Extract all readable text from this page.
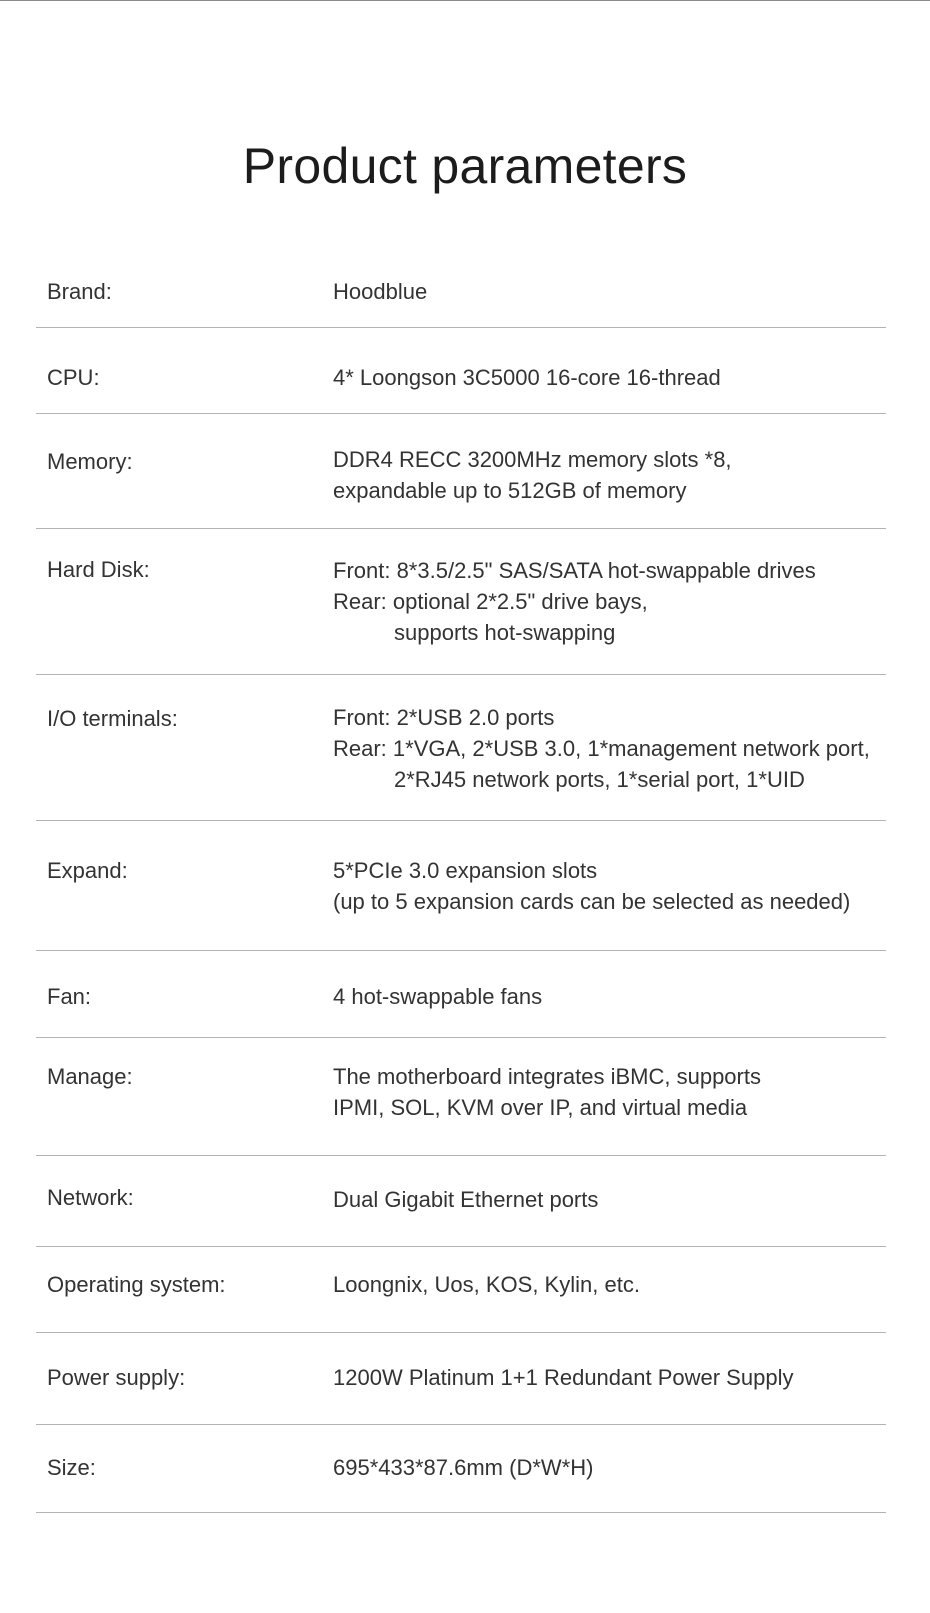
Product parameters
Brand:	Hoodblue
CPU:	4* Loongson 3C5000 16-core 16-thread
Memory:	DDR4 RECC 3200MHz memory slots *8,
expandable up to 512GB of memory
Hard Disk:	Front: 8*3.5/2.5" SAS/SATA hot-swappable drives
Rear: optional 2*2.5" drive bays,
supports hot-swapping
I/O terminals:	Front: 2*USB 2.0 ports
Rear: 1*VGA, 2*USB 3.0, 1*management network port,
2*RJ45 network ports, 1*serial port, 1*UID
Expand:	5*PCIe 3.0 expansion slots
(up to 5 expansion cards can be selected as needed)
Fan:	4 hot-swappable fans
Manage:	The motherboard integrates iBMC, supports
IPMI, SOL, KVM over IP, and virtual media
Network:	Dual Gigabit Ethernet ports
Operating system:	Loongnix, Uos, KOS, Kylin, etc.
Power supply:	1200W Platinum 1+1 Redundant Power Supply
Size:	695*433*87.6mm (D*W*H)
